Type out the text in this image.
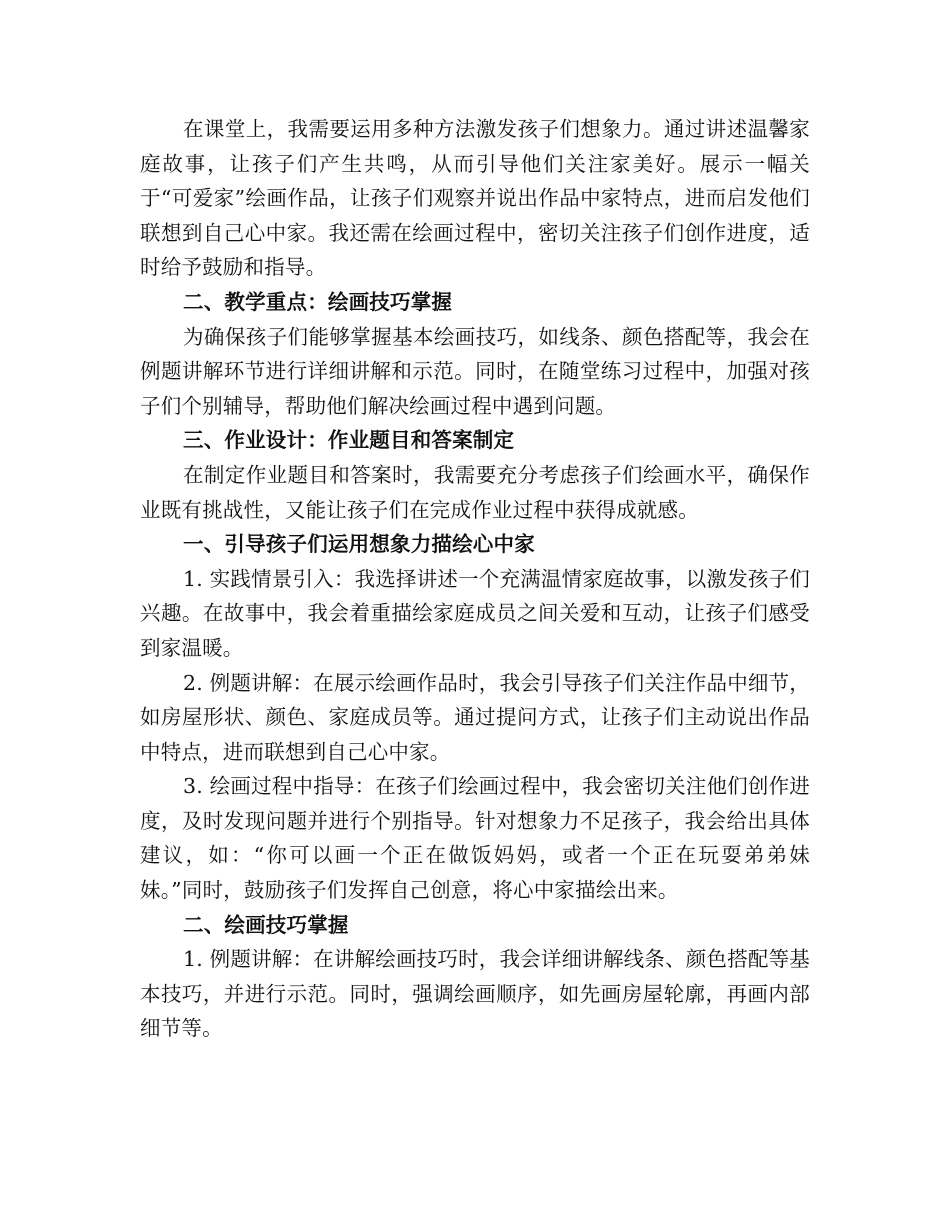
在课堂上，我需要运用多种方法激发孩子们想象力。通过讲述温馨家庭故事，让孩子们产生共鸣，从而引导他们关注家美好。展示一幅关于“可爱家”绘画作品，让孩子们观察并说出作品中家特点，进而启发他们联想到自己心中家。我还需在绘画过程中，密切关注孩子们创作进度，适时给予鼓励和指导。

二、教学重点：绘画技巧掌握

为确保孩子们能够掌握基本绘画技巧，如线条、颜色搭配等，我会在例题讲解环节进行详细讲解和示范。同时，在随堂练习过程中，加强对孩子们个别辅导，帮助他们解决绘画过程中遇到问题。

三、作业设计：作业题目和答案制定

在制定作业题目和答案时，我需要充分考虑孩子们绘画水平，确保作业既有挑战性，又能让孩子们在完成作业过程中获得成就感。

一、引导孩子们运用想象力描绘心中家

1. 实践情景引入：我选择讲述一个充满温情家庭故事，以激发孩子们兴趣。在故事中，我会着重描绘家庭成员之间关爱和互动，让孩子们感受到家温暖。

2. 例题讲解：在展示绘画作品时，我会引导孩子们关注作品中细节，如房屋形状、颜色、家庭成员等。通过提问方式，让孩子们主动说出作品中特点，进而联想到自己心中家。

3. 绘画过程中指导：在孩子们绘画过程中，我会密切关注他们创作进度，及时发现问题并进行个别指导。针对想象力不足孩子，我会给出具体建议，如：“你可以画一个正在做饭妈妈，或者一个正在玩耍弟弟妹妹。”同时，鼓励孩子们发挥自己创意，将心中家描绘出来。

二、绘画技巧掌握

1. 例题讲解：在讲解绘画技巧时，我会详细讲解线条、颜色搭配等基本技巧，并进行示范。同时，强调绘画顺序，如先画房屋轮廓，再画内部细节等。
